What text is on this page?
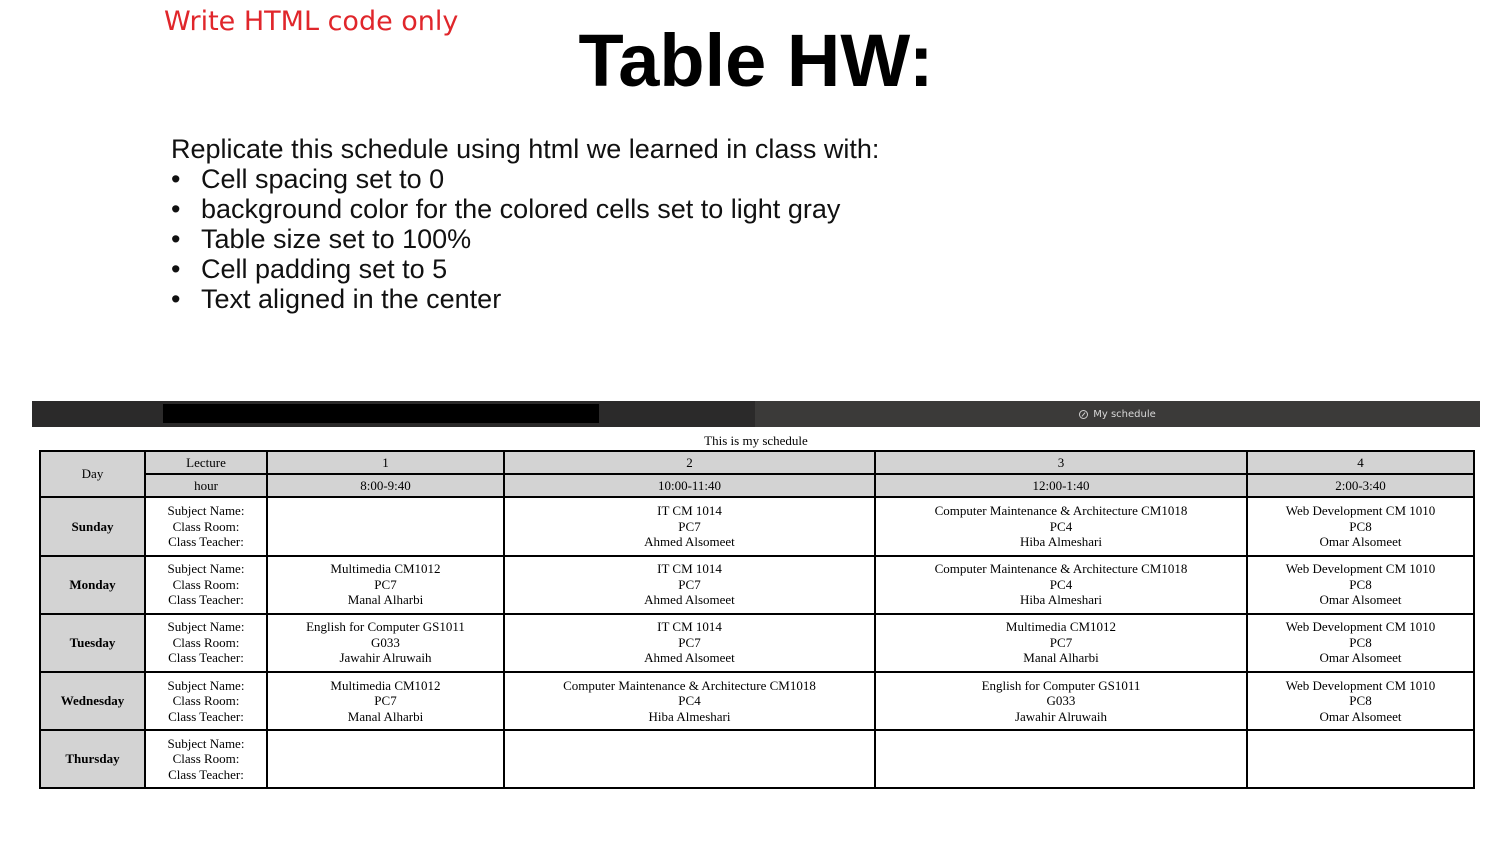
Write HTML code only	Table HW:
Replicate this schedule using html we learned in class with:
• Cell spacing set to 0
• background color for the colored cells set to light gray
• Table size set to 100%
• Cell padding set to 5
• Text aligned in the center
My schedule
This is my schedule
Day	Lecture	1	2	3	4
	hour	8:00-9:40	10:00-11:40	12:00-1:40	2:00-3:40
Sunday	Subject Name:
Class Room:
Class Teacher:		IT CM 1014
PC7
Ahmed Alsomeet	Computer Maintenance & Architecture CM1018
PC4
Hiba Almeshari	Web Development CM 1010
PC8
Omar Alsomeet

Monday	Subject Name:
Class Room:
Class Teacher:	Multimedia CM1012
PC7
Manal Alharbi	IT CM 1014
PC7
Ahmed Alsomeet	Computer Maintenance & Architecture CM1018
PC4
Hiba Almeshari	Web Development CM 1010
PC8
Omar Alsomeet

Tuesday	Subject Name:
Class Room:
Class Teacher:	English for Computer GS1011
G033
Jawahir Alruwaih	IT CM 1014
PC7
Ahmed Alsomeet	Multimedia CM1012
PC7
Manal Alharbi	Web Development CM 1010
PC8
Omar Alsomeet

Wednesday	Subject Name:
Class Room:
Class Teacher:	Multimedia CM1012
PC7
Manal Alharbi	Computer Maintenance & Architecture CM1018
PC4
Hiba Almeshari	English for Computer GS1011
G033
Jawahir Alruwaih	Web Development CM 1010
PC8
Omar Alsomeet

Thursday	Subject Name:
Class Room:
Class Teacher:				
